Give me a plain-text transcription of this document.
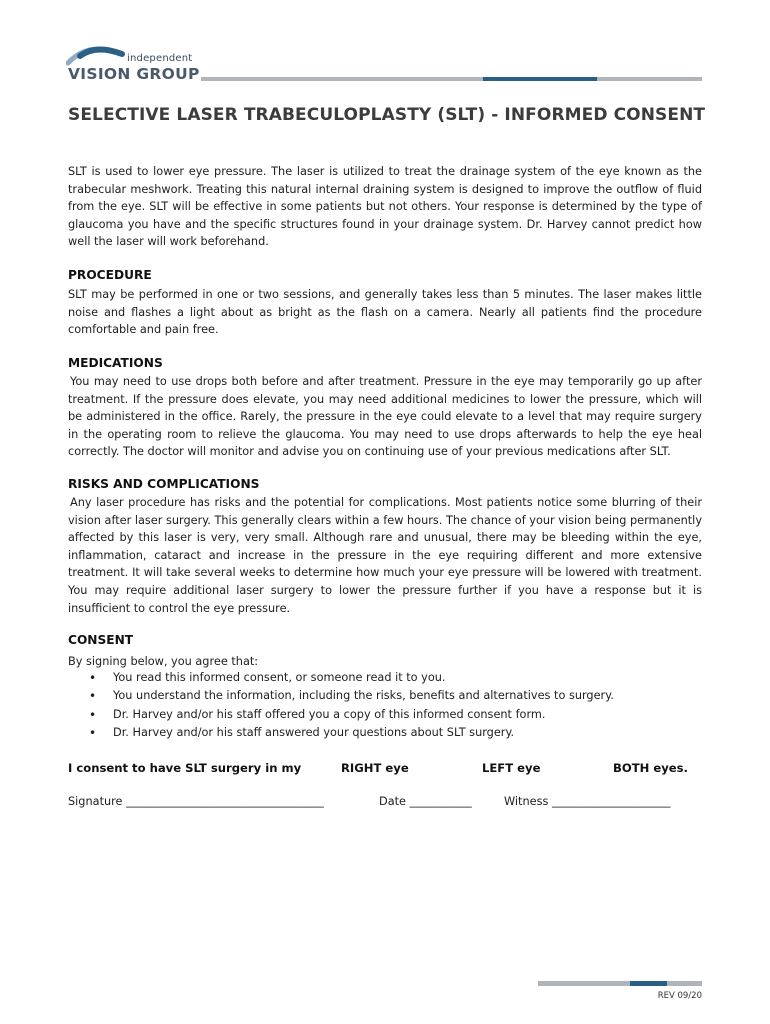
independent
VISION GROUP
SELECTIVE LASER TRABECULOPLASTY (SLT) - INFORMED CONSENT

SLT is used to lower eye pressure. The laser is utilized to treat the drainage system of the eye known as the trabecular meshwork. Treating this natural internal draining system is designed to improve the outflow of fluid from the eye. SLT will be effective in some patients but not others. Your response is determined by the type of glaucoma you have and the specific structures found in your drainage system. Dr. Harvey cannot predict how well the laser will work beforehand.

PROCEDURE

SLT may be performed in one or two sessions, and generally takes less than 5 minutes. The laser makes little noise and flashes a light about as bright as the flash on a camera. Nearly all patients find the procedure comfortable and pain free.

MEDICATIONS

You may need to use drops both before and after treatment. Pressure in the eye may temporarily go up after treatment. If the pressure does elevate, you may need additional medicines to lower the pressure, which will be administered in the office. Rarely, the pressure in the eye could elevate to a level that may require surgery in the operating room to relieve the glaucoma. You may need to use drops afterwards to help the eye heal correctly. The doctor will monitor and advise you on continuing use of your previous medications after SLT.

RISKS AND COMPLICATIONS

Any laser procedure has risks and the potential for complications. Most patients notice some blurring of their vision after laser surgery. This generally clears within a few hours. The chance of your vision being permanently affected by this laser is very, very small. Although rare and unusual, there may be bleeding within the eye, inflammation, cataract and increase in the pressure in the eye requiring different and more extensive treatment. It will take several weeks to determine how much your eye pressure will be lowered with treatment. You may require additional laser surgery to lower the pressure further if you have a response but it is insufficient to control the eye pressure.

CONSENT

By signing below, you agree that:

• You read this informed consent, or someone read it to you.
• You understand the information, including the risks, benefits and alternatives to surgery.
• Dr. Harvey and/or his staff offered you a copy of this informed consent form.
• Dr. Harvey and/or his staff answered your questions about SLT surgery.
I consent to have SLT surgery in my	RIGHT eye	LEFT eye	BOTH eyes.
Signature ___________________________________	Date ___________	Witness _____________________
REV 09/20
